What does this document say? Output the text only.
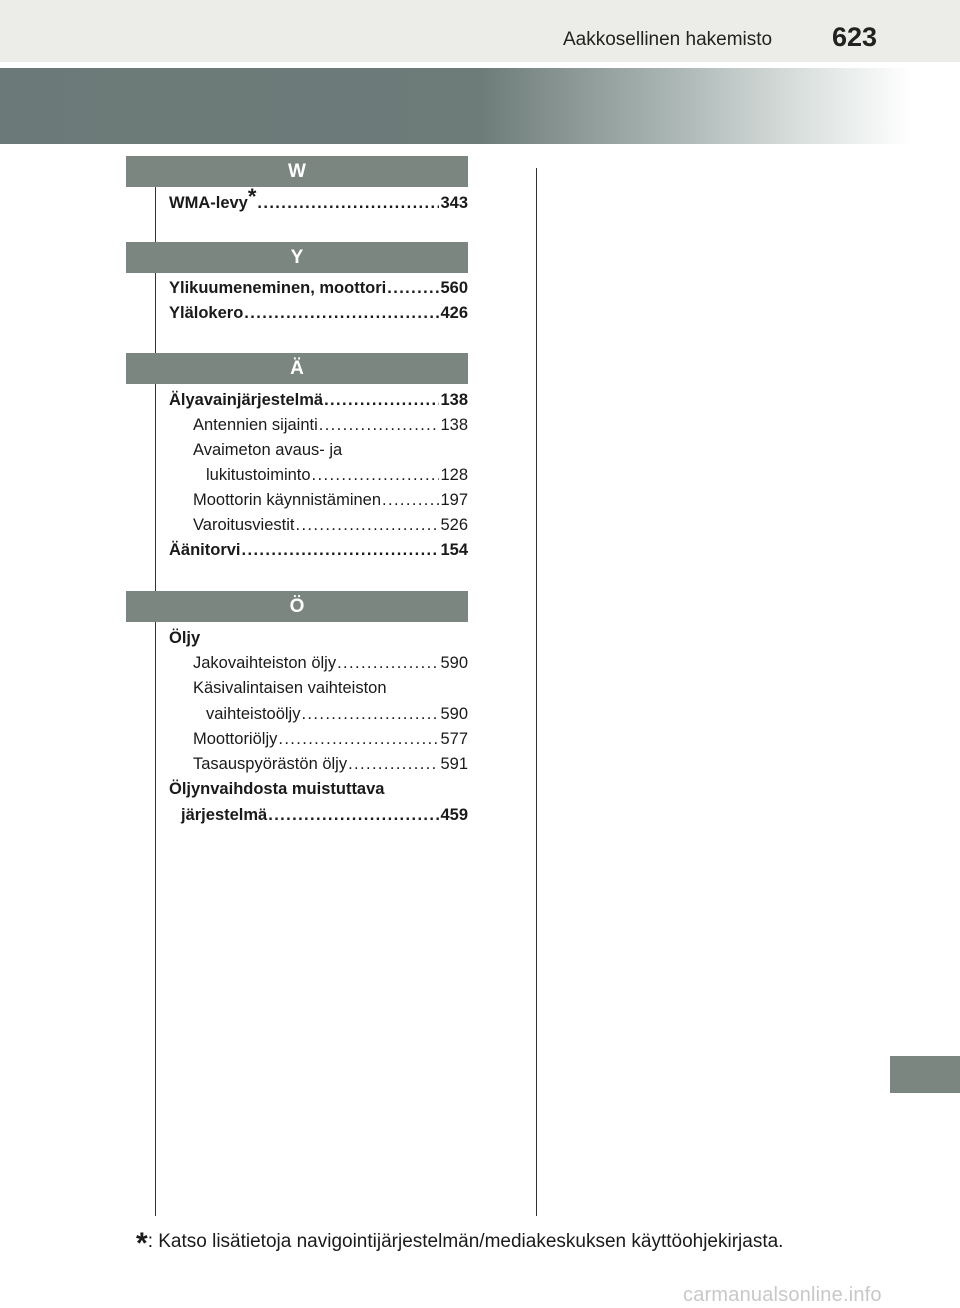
Aakkosellinen hakemisto 623
W
WMA-levy* . . .	343
Y
Ylikuumeneminen, moottori . . .	560
Ylälokero . . .	426
Ä
Älyavainjärjestelmä . . .	138
Antennien sijainti . . .	138
Avaimeton avaus- ja
lukitustoiminto . . .	128
Moottorin käynnistäminen . . .	197
Varoitusviestit . . .	526
Äänitorvi . . .	154
Ö
Öljy
Jakovaihteiston öljy . . .	590
Käsivalintaisen vaihteiston
vaihteistoöljy . . .	590
Moottoriöljy . . .	577
Tasauspyörästön öljy . . .	591
Öljynvaihdosta muistuttava
järjestelmä . . .	459
*: Katso lisätietoja navigointijärjestelmän/mediakeskuksen käyttöohjekirjasta.
carmanualsonline.info
